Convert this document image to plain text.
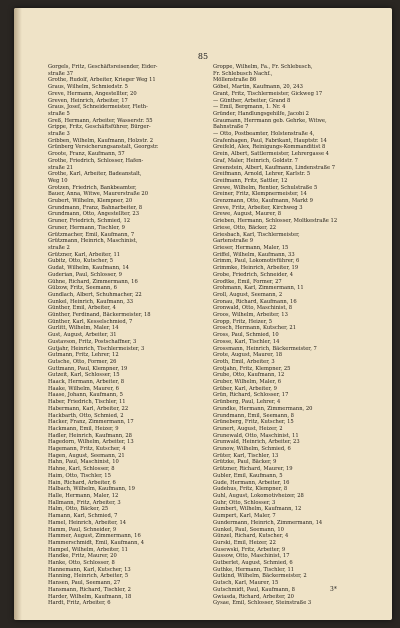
85
Gorgels, Fritz, Geschäftsreisender, Eider-
straße 37
Grothe, Rudolf, Arbeiter, Krieger Weg 11
Graus, Wilhelm, Schmiedstr. 5
Greve, Hermann, Angestellter, 20
Greven, Heinrich, Arbeiter, 17
Graus, Josef, Schneidermeister, Fleth-
straße 5
Greß, Hermann, Arbeiter, Wasserstr. 55
Grippe, Fritz, Geschäftsführer, Bürger-
straße 3
Gribben, Wilhelm, Kaufmann, Holzstr. 2
Grünberg Versicherungsanstalt, Georgstr.
Groote, Franz, Kaufmann, 57
Grothe, Friedrich, Schlosser, Hafen-
straße 21
Grothe, Karl, Arbeiter, Badeanstalt,
Weg 10
Grotzen, Friedrich, Bankbeamter,
Bauer, Anna, Witwe, Maurerstraße 20
Grubert, Wilhelm, Klempner, 20
Grundmann, Franz, Bahnarbeiter, 8
Grundmann, Otto, Angestellter, 23
Gruner, Friedrich, Schmied, 12
Gruner, Hermann, Tischler, 9
Grützmacher, Emil, Kaufmann, 7
Grützmann, Heinrich, Maschinist,
straße 2
Grützner, Karl, Arbeiter, 11
Gubitz, Otto, Kutscher, 5
Gudat, Wilhelm, Kaufmann, 14
Guderian, Paul, Schlosser, 9
Gühne, Richard, Zimmermann, 16
Gülzow, Fritz, Seemann, 6
Gundlach, Albert, Schuhmacher, 22
Gunkel, Heinrich, Kaufmann, 33
Günther, Emil, Arbeiter, 4
Günther, Ferdinand, Bäckermeister, 18
Günther, Karl, Kesselschmied, 7
Gurlitt, Wilhelm, Maler, 14
Gust, August, Arbeiter, 31
Gustavson, Fritz, Postschaffner, 3
Gutjahr, Heinrich, Tischlermeister, 3
Gutmann, Fritz, Lehrer, 12
Gutsche, Otto, Former, 26
Guttmann, Paul, Klempner, 19
Gutzeit, Karl, Schlosser, 15
Haack, Hermann, Arbeiter, 8
Haake, Wilhelm, Maurer, 6
Haase, Johann, Kaufmann, 5
Haber, Friedrich, Tischler, 11
Habermann, Karl, Arbeiter, 22
Hackbarth, Otto, Schmied, 2
Hacker, Franz, Zimmermann, 17
Hackmann, Emil, Heizer, 9
Hadler, Heinrich, Kaufmann, 28
Hagedorn, Wilhelm, Arbeiter, 13
Hagemann, Fritz, Kutscher, 4
Hagen, August, Seemann, 21
Hahn, Paul, Maschinist, 10
Hahne, Karl, Schlosser, 8
Haim, Otto, Tischler, 15
Hain, Richard, Arbeiter, 6
Halbach, Wilhelm, Kaufmann, 19
Halle, Hermann, Maler, 12
Hallmann, Fritz, Arbeiter, 3
Halm, Otto, Bäcker, 25
Hamann, Karl, Schmied, 7
Hamel, Heinrich, Arbeiter, 14
Hamm, Paul, Schneider, 9
Hammer, August, Zimmermann, 16
Hammerschmidt, Emil, Kaufmann, 4
Hampel, Wilhelm, Arbeiter, 11
Handke, Fritz, Maurer, 20
Hanke, Otto, Schlosser, 8
Hannemann, Karl, Kutscher, 13
Hanning, Heinrich, Arbeiter, 5
Hansen, Paul, Seemann, 27
Hansmann, Richard, Tischler, 2
Harder, Wilhelm, Kaufmann, 18
Hardt, Fritz, Arbeiter, 6
Groppe, Wilhelm, Fa., Fr. Schlebusch,
Fr. Schlebusch Nachf.,
Möllenstraße 86
Göbel, Martin, Kaufmann, 20, 243
Grant, Fritz, Tischlermeister, Gickweg 17
— Günther, Arbeiter, Grand 8
— Emil, Bergmann, 1. Nr. 4
Gründer, Handlungsgehilfe, Jacobi 2
Graumann, Herrmann geb. Gehrke, Witwe,
Bahnstraße 7
— Otto, Postbeamter, Holstenstraße 4,
Grafenhagen, Paul, Fabrikant, Hauptstr. 14
Greifeld, Alex, Reinigungs-Kommanditist 8
Grein, Albert, Sattlermeister, Lehrergasse 4
Graf, Maler, Heinrich, Goldstr. 7
Greenstein, Albert, Kaufmann, Lindenstraße 7
Greifmann, Arnold, Lehrer, Karlstr. 5
Greifmann, Fritz, Sattler, 12
Grewe, Wilhelm, Rentier, Schulstraße 5
Greiner, Fritz, Klempnermeister, 14
Grenzmann, Otto, Kaufmann, Markt 9
Greve, Fritz, Arbeiter, Kirchweg 3
Grewe, August, Maurer, 8
Grieben, Hermann, Schlosser, Moltkestraße 12
Griese, Otto, Bäcker, 22
Griesbach, Karl, Tischlermeister,
Gartenstraße 9
Grieser, Hermann, Maler, 15
Griffel, Wilhelm, Kaufmann, 33
Grimm, Paul, Lokomotivführer, 6
Grimmke, Heinrich, Arbeiter, 19
Grobe, Friedrich, Schneider, 4
Grodtke, Emil, Former, 27
Grohmann, Karl, Zimmermann, 11
Groll, August, Seemann, 2
Gronau, Richard, Kaufmann, 16
Gronwald, Otto, Maschinist, 8
Groos, Wilhelm, Arbeiter, 13
Gropp, Fritz, Heizer, 5
Grosch, Hermann, Kutscher, 21
Gross, Paul, Schmied, 10
Grosse, Karl, Tischler, 14
Grossmann, Heinrich, Bäckermeister, 7
Grote, August, Maurer, 18
Groth, Emil, Arbeiter, 3
Grotjahn, Fritz, Klempner, 25
Grube, Otto, Kaufmann, 12
Gruber, Wilhelm, Maler, 6
Grüber, Karl, Arbeiter, 9
Grün, Richard, Schlosser, 17
Grünberg, Paul, Lehrer, 4
Grundke, Hermann, Zimmermann, 20
Grundmann, Emil, Seemann, 8
Grüneberg, Fritz, Kutscher, 15
Grunert, August, Heizer, 2
Grunewald, Otto, Maschinist, 11
Grunwald, Heinrich, Arbeiter, 23
Grunow, Wilhelm, Schmied, 6
Grüter, Karl, Tischler, 13
Grützke, Paul, Bäcker, 9
Grützner, Richard, Maurer, 19
Gubler, Emil, Kaufmann, 5
Gude, Hermann, Arbeiter, 16
Gudehus, Fritz, Klempner, 8
Guhl, August, Lokomotivheizer, 28
Guhr, Otto, Schlosser, 3
Gumbert, Wilhelm, Kaufmann, 12
Gumpert, Karl, Maler, 7
Gundermann, Heinrich, Zimmermann, 14
Gunkel, Paul, Seemann, 10
Günzel, Richard, Kutscher, 4
Gurski, Emil, Heizer, 22
Gusewski, Fritz, Arbeiter, 9
Gussow, Otto, Maschinist, 17
Gutberlet, August, Schmied, 6
Guthke, Hermann, Tischler, 11
Gutkind, Wilhelm, Bäckermeister, 2
Gutsch, Karl, Maurer, 15
Gutschmidt, Paul, Kaufmann, 8
Gwiasda, Richard, Arbeiter, 20
Gysae, Emil, Schlosser, Steinstraße 3
3*
